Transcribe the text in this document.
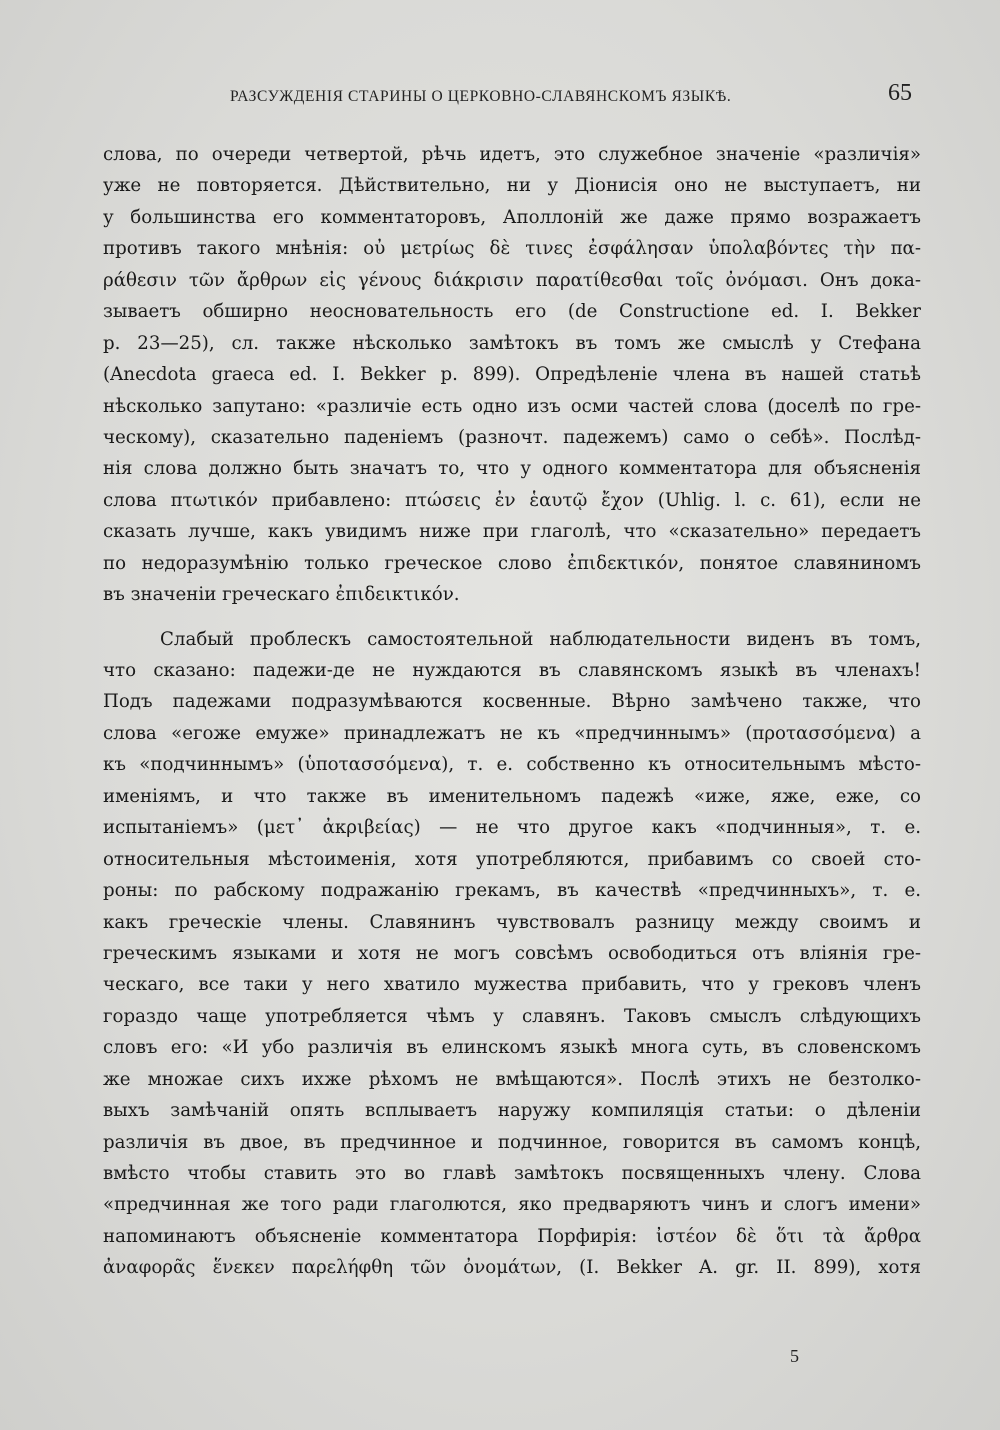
РАЗСУЖДЕНІЯ СТАРИНЫ О ЦЕРКОВНО-СЛАВЯНСКОМЪ ЯЗЫКѢ.	65
слова, по очереди четвертой, рѣчь идетъ, это служебное значеніе «различія»
уже не повторяется. Дѣйствительно, ни у Діонисія оно не выступаетъ, ни
у большинства его комментаторовъ, Аполлоній же даже прямо возражаетъ
противъ такого мнѣнія: οὐ μετρίως δὲ τινες ἐσφάλησαν ὑπολαβόντες τὴν πα-
ράθεσιν τῶν ἄρθρων εἰς γένους διάκρισιν παρατίθεσθαι τοῖς ὀνόμασι. Онъ дока-
зываетъ обширно неосновательность его (de Constructione ed. I. Bekker
p. 23—25), сл. также нѣсколько замѣтокъ въ томъ же смыслѣ у Стефана
(Anecdota graeca ed. I. Bekker p. 899). Опредѣленіе члена въ нашей статьѣ
нѣсколько запутано: «различіе есть одно изъ осми частей слова (доселѣ по гре-
ческому), сказательно паденіемъ (разночт. падежемъ) само о себѣ». Послѣд-
нія слова должно быть значатъ то, что у одного комментатора для объясненія
слова πτωτικόν прибавлено: πτώσεις ἐν ἑαυτῷ ἔχον (Uhlig. l. c. 61), если не
сказать лучше, какъ увидимъ ниже при глаголѣ, что «сказательно» передаетъ
по недоразумѣнію только греческое слово ἐπιδεκτικόν, понятое славяниномъ
въ значеніи греческаго ἐπιδεικτικόν.
Слабый проблескъ самостоятельной наблюдательности виденъ въ томъ,
что сказано: падежи-де не нуждаются въ славянскомъ языкѣ въ членахъ!
Подъ падежами подразумѣваются косвенные. Вѣрно замѣчено также, что
слова «егоже емуже» принадлежатъ не къ «предчиннымъ» (προτασσόμενα) а
къ «подчиннымъ» (ὑποτασσόμενα), т. е. собственно къ относительнымъ мѣсто-
именіямъ, и что также въ именительномъ падежѣ «иже, яже, еже, со
испытаніемъ» (μετ᾽ ἀκριβείας) — не что другое какъ «подчинныя», т. е.
относительныя мѣстоименія, хотя употребляются, прибавимъ со своей сто-
роны: по рабскому подражанію грекамъ, въ качествѣ «предчинныхъ», т. е.
какъ греческіе члены. Славянинъ чувствовалъ разницу между своимъ и
греческимъ языками и хотя не могъ совсѣмъ освободиться отъ вліянія гре-
ческаго, все таки у него хватило мужества прибавить, что у грековъ членъ
гораздо чаще употребляется чѣмъ у славянъ. Таковъ смыслъ слѣдующихъ
словъ его: «И убо различія въ елинскомъ языкѣ многа суть, въ словенскомъ
же множае сихъ ихже рѣхомъ не вмѣщаются». Послѣ этихъ не безтолко-
выхъ замѣчаній опять всплываетъ наружу компиляція статьи: о дѣленіи
различія въ двое, въ предчинное и подчинное, говорится въ самомъ концѣ,
вмѣсто чтобы ставить это во главѣ замѣтокъ посвященныхъ члену. Слова
«предчинная же того ради глаголются, яко предваряютъ чинъ и слогъ имени»
напоминаютъ объясненіе комментатора Порфирія: ἰστέον δὲ ὅτι τὰ ἄρθρα
ἀναφορᾶς ἕνεκεν παρελήφθη τῶν ὀνομάτων, (I. Bekker A. gr. II. 899), хотя
5
